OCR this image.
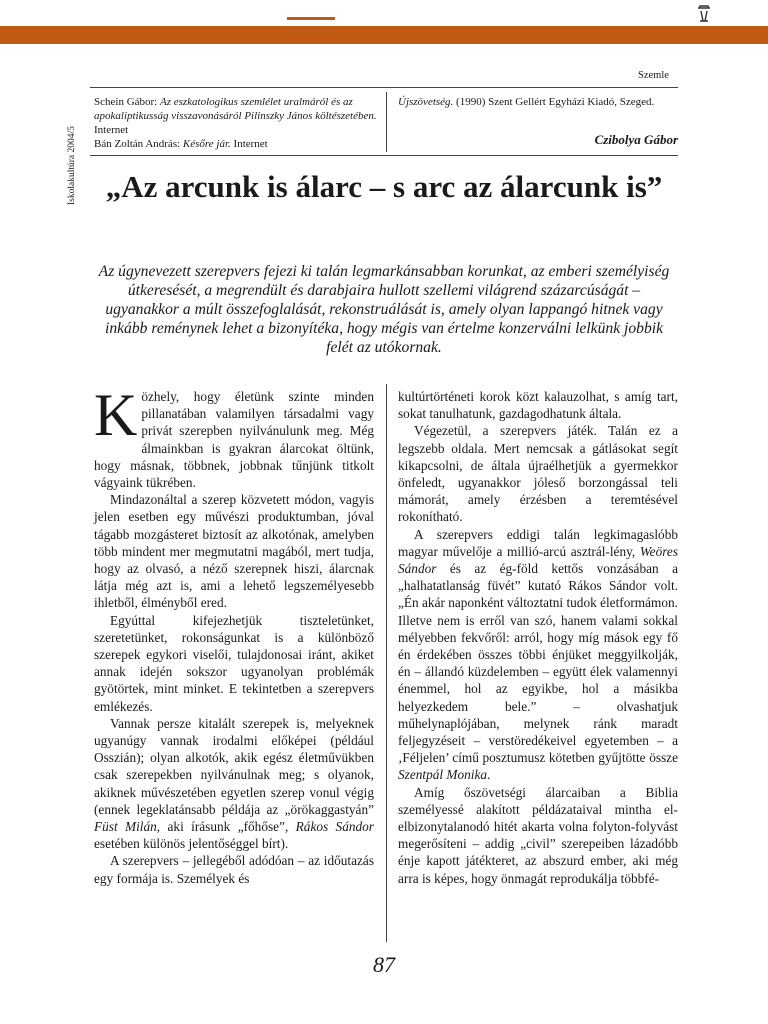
Szemle
Iskolakultúra 2004/5

Schein Gábor: Az eszkatologikus szemlélet uralmáról és az apokaliptikusság visszavonásáról Pilinszky János költészetében. Internet

Bán Zoltán András: Későre jár. Internet

Újszövetség. (1990) Szent Gellért Egyházi Kiadó, Szeged.

Czibolya Gábor
„Az arcunk is álarc – s arc az álarcunk is”

Az úgynevezett szerepvers fejezi ki talán legmarkánsabban korunkat, az emberi személyiség útkeresését, a megrendült és darabjaira hullott szellemi világrend százarcúságát – ugyanakkor a múlt összefoglalását, rekonstruálását is, amely olyan lappangó hitnek vagy inkább reménynek lehet a bizonyítéka, hogy mégis van értelme konzerválni lelkünk jobbik felét az utókornak.

Közhely, hogy életünk szinte minden pillanatában valamilyen társadalmi vagy privát szerepben nyilvánulunk meg. Még álmainkban is gyakran álarcokat öltünk, hogy másnak, többnek, jobbnak tűnjünk titkolt vágyaink tükrében.

Mindazonáltal a szerep közvetett módon, vagyis jelen esetben egy művészi produktumban, jóval tágabb mozgásteret biztosít az alkotónak, amelyben több mindent mer megmutatni magából, mert tudja, hogy az olvasó, a néző szerepnek hiszi, álarcnak látja még azt is, ami a lehető legszemélyesebb ihletből, élményből ered.

Egyúttal kifejezhetjük tiszteletünket, szeretetünket, rokonságunkat is a különböző szerepek egykori viselői, tulajdonosai iránt, akiket annak idején sokszor ugyanolyan problémák gyötörtek, mint minket. E tekintetben a szerepvers emlékezés.

Vannak persze kitalált szerepek is, melyeknek ugyanúgy vannak irodalmi előképei (például Osszián); olyan alkotók, akik egész életművükben csak szerepekben nyilvánulnak meg; s olyanok, akiknek művészetében egyetlen szerep vonul végig (ennek legeklatánsabb példája az „örökaggastyán” Füst Milán, aki írásunk „főhőse”, Rákos Sándor esetében különös jelentőséggel bírt).

A szerepvers – jellegéből adódóan – az időutazás egy formája is. Személyek és

kultúrtörténeti korok közt kalauzolhat, s amíg tart, sokat tanulhatunk, gazdagodhatunk általa.

Végezetül, a szerepvers játék. Talán ez a legszebb oldala. Mert nemcsak a gátlásokat segít kikapcsolni, de általa újraélhetjük a gyermekkor önfeledt, ugyanakkor jóleső borzongással teli mámorát, amely érzésben a teremtésével rokonítható.

A szerepvers eddigi talán legkimagaslóbb magyar művelője a millió-arcú asztrál-lény, Weöres Sándor és az ég-föld kettős vonzásában a „halhatatlanság füvét” kutató Rákos Sándor volt. „Én akár naponként változtatni tudok életformámon. Illetve nem is erről van szó, hanem valami sokkal mélyebben fekvőről: arról, hogy míg mások egy fő én érdekében összes többi énjüket meggyilkolják, én – állandó küzdelemben – együtt élek valamennyi énemmel, hol az egyikbe, hol a másikba helyezkedem bele.” – olvashatjuk műhelynaplójában, melynek ránk maradt feljegyzéseit – verstöredékeivel egyetemben – a ‚Féljelen’ című posztumusz kötetben gyűjtötte össze Szentpál Monika.

Amíg őszövetségi álarcaiban a Biblia személyessé alakított példázataival mintha el-elbizonytalanodó hitét akarta volna folyton-folyvást megerősíteni – addig „civil” szerepeiben lázadóbb énje kapott játékteret, az abszurd ember, aki még arra is képes, hogy önmagát reprodukálja többfé-

87
